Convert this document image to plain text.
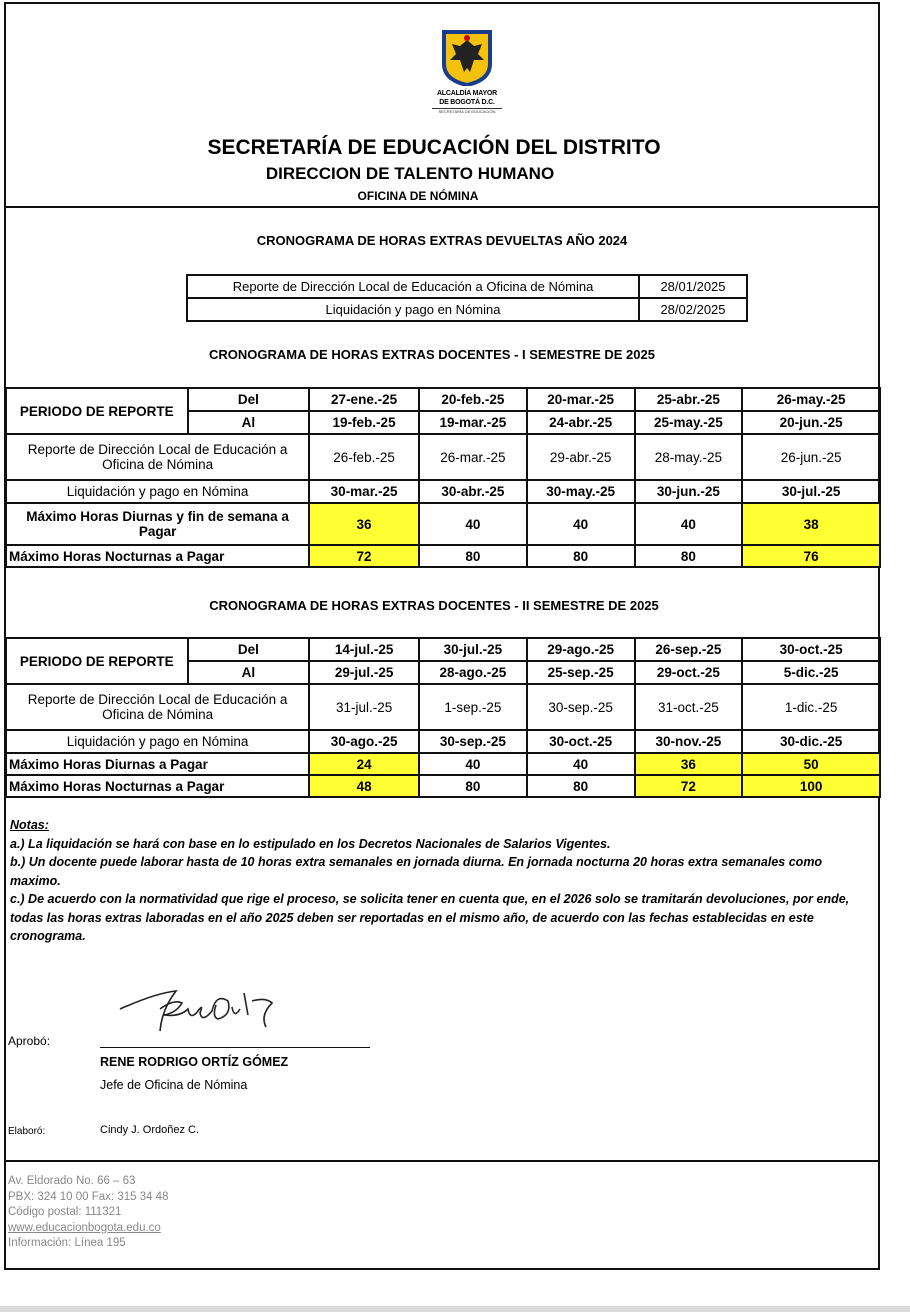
ALCALDÍA MAYOR
DE BOGOTÁ D.C.
SECRETARÍA DE EDUCACIÓN
SECRETARÍA DE EDUCACIÓN DEL DISTRITO
DIRECCION DE TALENTO HUMANO
OFICINA DE NÓMINA
CRONOGRAMA DE HORAS EXTRAS DEVUELTAS AÑO 2024
Reporte de Dirección Local de Educación a Oficina de Nómina	28/01/2025
Liquidación y pago en Nómina	28/02/2025
CRONOGRAMA DE HORAS EXTRAS DOCENTES - I SEMESTRE DE 2025
PERIODO DE REPORTE	Del	27-ene.-25	20-feb.-25	20-mar.-25	25-abr.-25	26-may.-25
	Al	19-feb.-25	19-mar.-25	24-abr.-25	25-may.-25	20-jun.-25
Reporte de Dirección Local de Educación a Oficina de Nómina		26-feb.-25	26-mar.-25	29-abr.-25	28-may.-25	26-jun.-25
Liquidación y pago en Nómina		30-mar.-25	30-abr.-25	30-may.-25	30-jun.-25	30-jul.-25
Máximo Horas Diurnas y fin de semana a Pagar		36	40	40	40	38
Máximo Horas Nocturnas a Pagar		72	80	80	80	76
CRONOGRAMA DE HORAS EXTRAS DOCENTES - II SEMESTRE DE 2025
PERIODO DE REPORTE	Del	14-jul.-25	30-jul.-25	29-ago.-25	26-sep.-25	30-oct.-25
	Al	29-jul.-25	28-ago.-25	25-sep.-25	29-oct.-25	5-dic.-25
Reporte de Dirección Local de Educación a Oficina de Nómina		31-jul.-25	1-sep.-25	30-sep.-25	31-oct.-25	1-dic.-25
Liquidación y pago en Nómina		30-ago.-25	30-sep.-25	30-oct.-25	30-nov.-25	30-dic.-25
Máximo Horas Diurnas a Pagar		24	40	40	36	50
Máximo Horas Nocturnas a Pagar		48	80	80	72	100
Notas:
a.) La liquidación se hará con base en lo estipulado en los Decretos Nacionales de Salarios Vigentes.
b.) Un docente puede laborar hasta de 10 horas extra semanales en jornada diurna. En jornada nocturna 20 horas extra semanales como maximo.
c.) De acuerdo con la normatividad que rige el proceso, se solicita tener en cuenta que, en el 2026 solo se tramitarán devoluciones, por ende, todas las horas extras laboradas en el año 2025 deben ser reportadas en el mismo año, de acuerdo con las fechas establecidas en este cronograma.
Aprobó:
RENE RODRIGO ORTÍZ GÓMEZ
Jefe de Oficina de Nómina
Elaboró:	Cindy J. Ordoñez C.
Av. Eldorado No. 66 – 63
PBX: 324 10 00 Fax: 315 34 48
Código postal: 111321
www.educacionbogota.edu.co
Información: Línea 195
